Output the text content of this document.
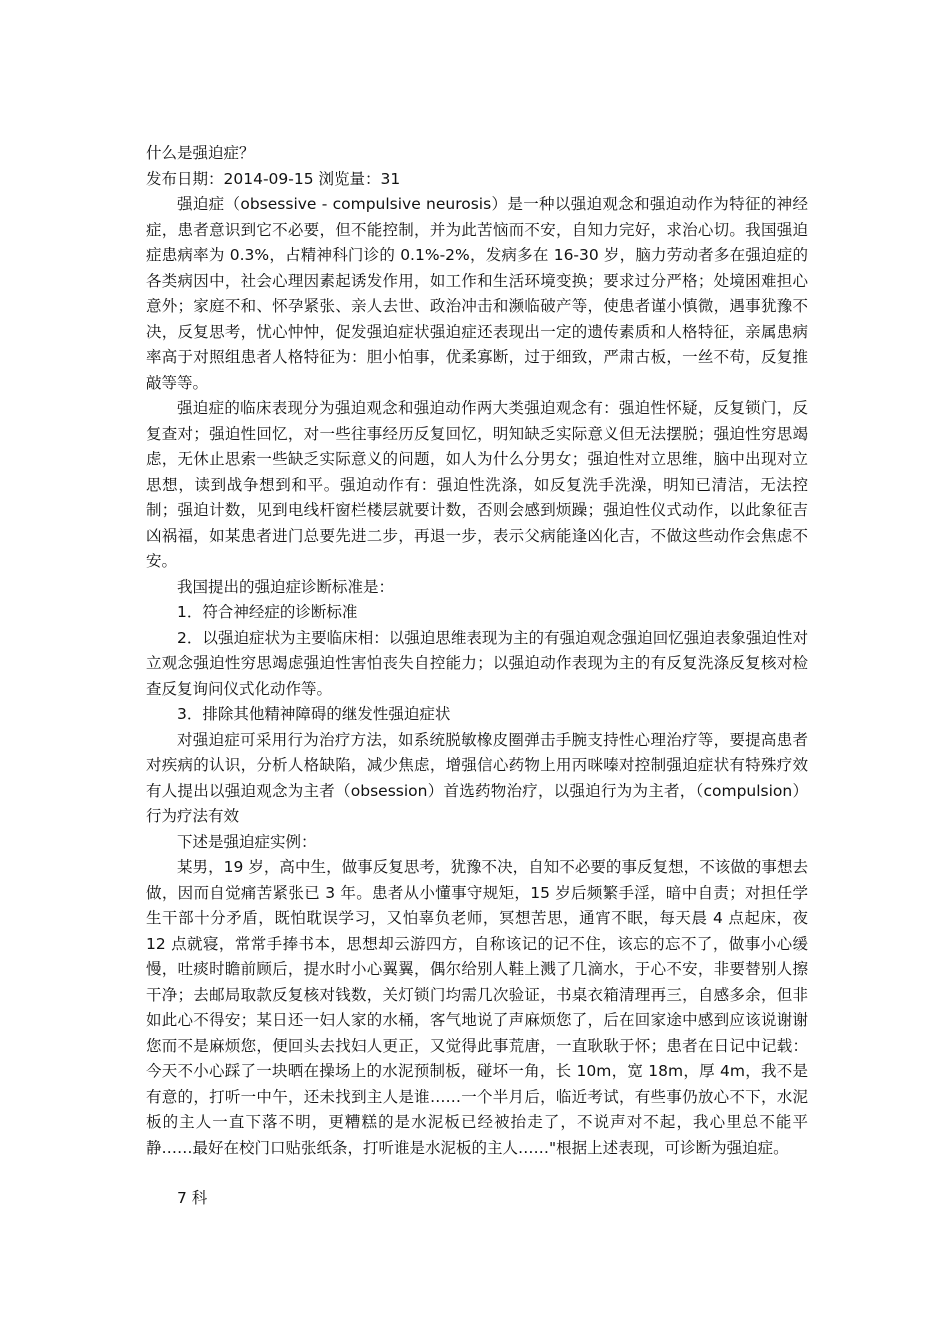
什么是强迫症？

发布日期：2014-09-15 浏览量：31

强迫症（obsessive - compulsive neurosis）是一种以强迫观念和强迫动作为特征的神经症，患者意识到它不必要，但不能控制，并为此苦恼而不安，自知力完好，求治心切。我国强迫症患病率为 0.3%，占精神科门诊的 0.1%-2%，发病多在 16-30 岁，脑力劳动者多在强迫症的各类病因中，社会心理因素起诱发作用，如工作和生活环境变换；要求过分严格；处境困难担心意外；家庭不和、怀孕紧张、亲人去世、政治冲击和濒临破产等，使患者谨小慎微，遇事犹豫不决，反复思考，忧心忡忡，促发强迫症状强迫症还表现出一定的遗传素质和人格特征，亲属患病率高于对照组患者人格特征为：胆小怕事，优柔寡断，过于细致，严肃古板，一丝不苟，反复推敲等等。

强迫症的临床表现分为强迫观念和强迫动作两大类强迫观念有：强迫性怀疑，反复锁门，反复查对；强迫性回忆，对一些往事经历反复回忆，明知缺乏实际意义但无法摆脱；强迫性穷思竭虑，无休止思索一些缺乏实际意义的问题，如人为什么分男女；强迫性对立思维，脑中出现对立思想，读到战争想到和平。强迫动作有：强迫性洗涤，如反复洗手洗澡，明知已清洁，无法控制；强迫计数，见到电线杆窗栏楼层就要计数，否则会感到烦躁；强迫性仪式动作，以此象征吉凶祸福，如某患者进门总要先进二步，再退一步，表示父病能逢凶化吉，不做这些动作会焦虑不安。

我国提出的强迫症诊断标准是：

1．符合神经症的诊断标准

2．以强迫症状为主要临床相：以强迫思维表现为主的有强迫观念强迫回忆强迫表象强迫性对立观念强迫性穷思竭虑强迫性害怕丧失自控能力；以强迫动作表现为主的有反复洗涤反复核对检查反复询问仪式化动作等。

3．排除其他精神障碍的继发性强迫症状

对强迫症可采用行为治疗方法，如系统脱敏橡皮圈弹击手腕支持性心理治疗等，要提高患者对疾病的认识，分析人格缺陷，减少焦虑，增强信心药物上用丙咪嗪对控制强迫症状有特殊疗效有人提出以强迫观念为主者（obsession）首选药物治疗，以强迫行为为主者，（compulsion）行为疗法有效

下述是强迫症实例：

某男，19 岁，高中生，做事反复思考，犹豫不决，自知不必要的事反复想，不该做的事想去做，因而自觉痛苦紧张已 3 年。患者从小懂事守规矩，15 岁后频繁手淫，暗中自责；对担任学生干部十分矛盾，既怕耽误学习，又怕辜负老师，冥想苦思，通宵不眠，每天晨 4 点起床，夜 12 点就寝，常常手捧书本，思想却云游四方，自称该记的记不住，该忘的忘不了，做事小心缓慢，吐痰时瞻前顾后，提水时小心翼翼，偶尔给别人鞋上溅了几滴水，于心不安，非要替别人擦干净；去邮局取款反复核对钱数，关灯锁门均需几次验证，书桌衣箱清理再三，自感多余，但非如此心不得安；某日还一妇人家的水桶，客气地说了声麻烦您了，后在回家途中感到应该说谢谢您而不是麻烦您，便回头去找妇人更正，又觉得此事荒唐，一直耿耿于怀；患者在日记中记载：今天不小心踩了一块晒在操场上的水泥预制板，碰坏一角，长 10m，宽 18m，厚 4m，我不是有意的，打听一中午，还未找到主人是谁……一个半月后，临近考试，有些事仍放心不下，水泥板的主人一直下落不明，更糟糕的是水泥板已经被抬走了，不说声对不起，我心里总不能平静……最好在校门口贴张纸条，打听谁是水泥板的主人……"根据上述表现，可诊断为强迫症。

7 科
